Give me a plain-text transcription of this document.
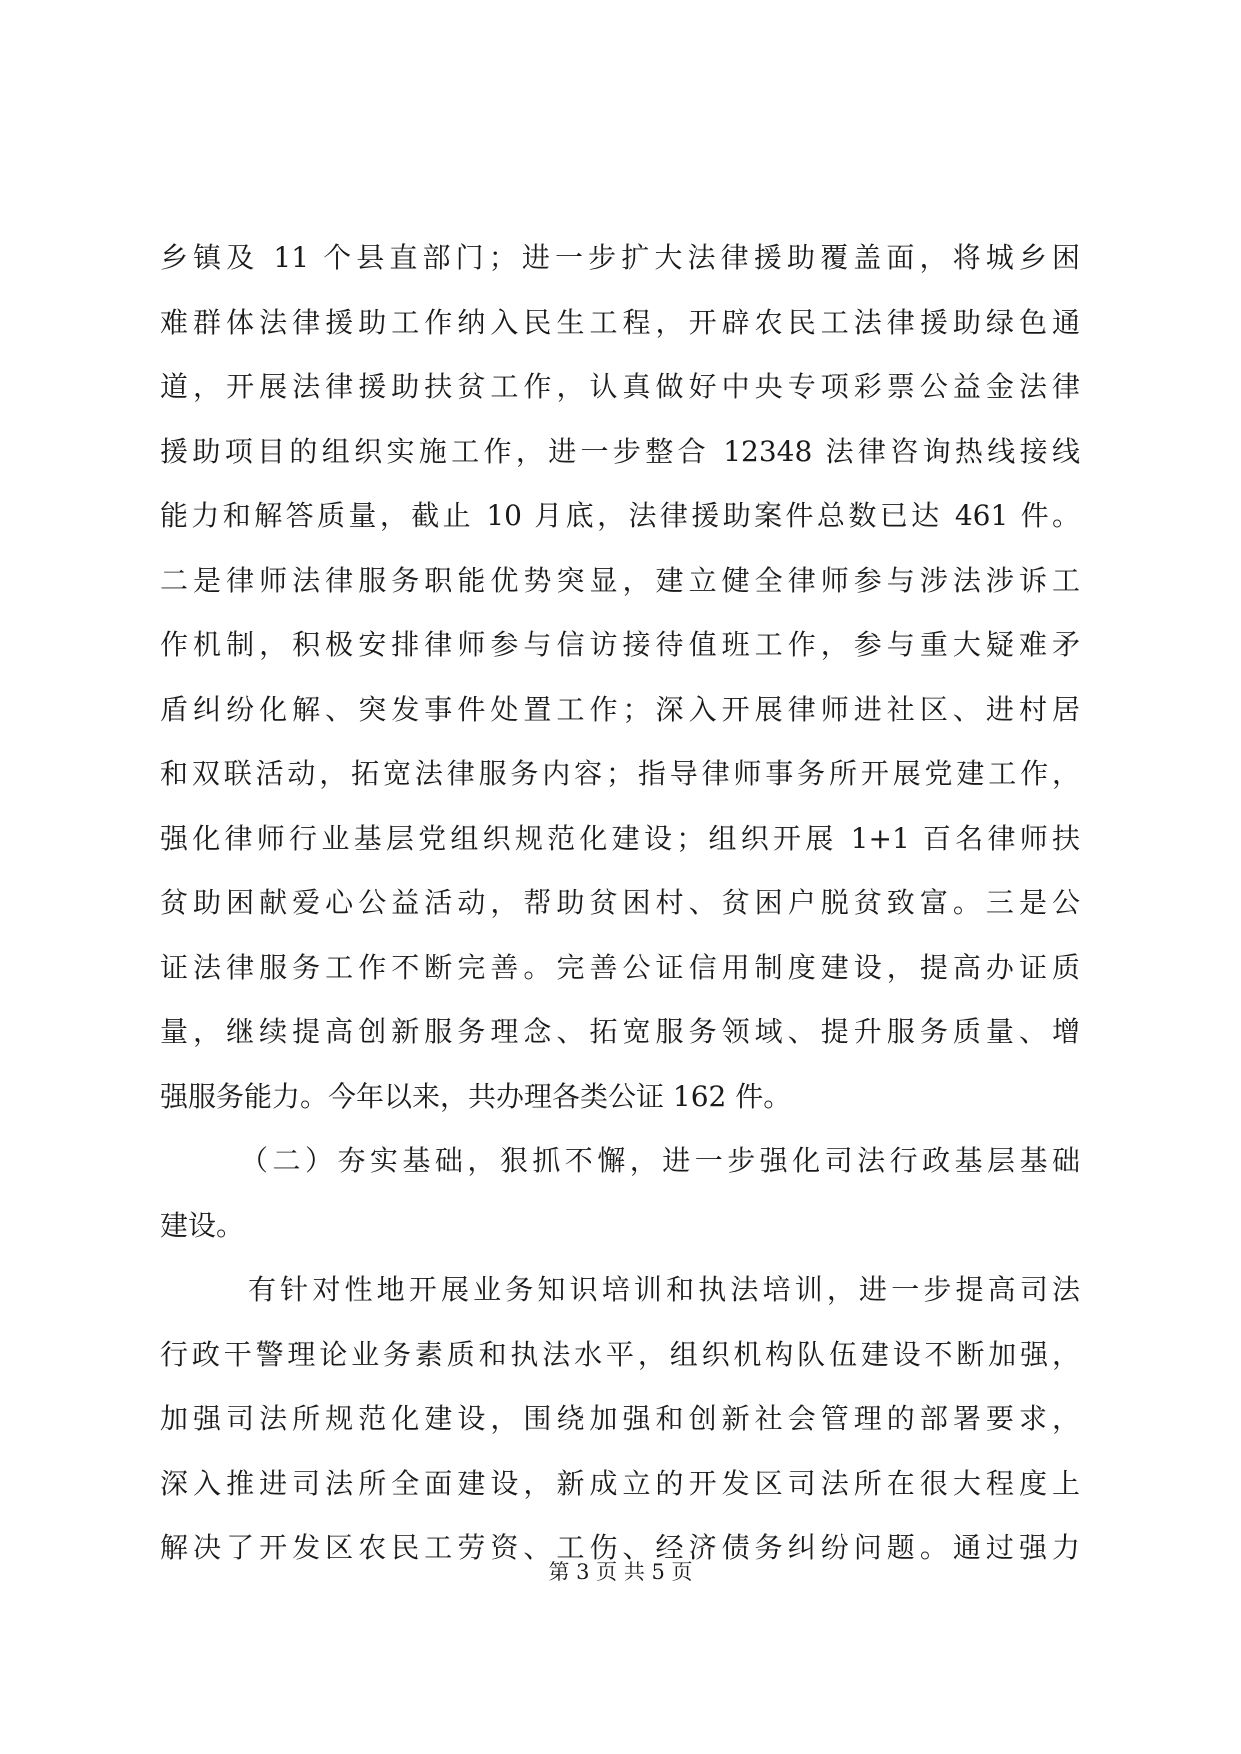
乡镇及 11 个县直部门；进一步扩大法律援助覆盖面，将城乡困
难群体法律援助工作纳入民生工程，开辟农民工法律援助绿色通
道，开展法律援助扶贫工作，认真做好中央专项彩票公益金法律
援助项目的组织实施工作，进一步整合 12348 法律咨询热线接线
能力和解答质量，截止 10 月底，法律援助案件总数已达 461 件。
二是律师法律服务职能优势突显，建立健全律师参与涉法涉诉工
作机制，积极安排律师参与信访接待值班工作，参与重大疑难矛
盾纠纷化解、突发事件处置工作；深入开展律师进社区、进村居
和双联活动，拓宽法律服务内容；指导律师事务所开展党建工作，
强化律师行业基层党组织规范化建设；组织开展 1+1 百名律师扶
贫助困献爱心公益活动，帮助贫困村、贫困户脱贫致富。三是公
证法律服务工作不断完善。完善公证信用制度建设，提高办证质
量，继续提高创新服务理念、拓宽服务领域、提升服务质量、增
强服务能力。今年以来，共办理各类公证 162 件。
（二）夯实基础，狠抓不懈，进一步强化司法行政基层基础
建设。
有针对性地开展业务知识培训和执法培训，进一步提高司法
行政干警理论业务素质和执法水平，组织机构队伍建设不断加强，
加强司法所规范化建设，围绕加强和创新社会管理的部署要求，
深入推进司法所全面建设，新成立的开发区司法所在很大程度上
解决了开发区农民工劳资、工伤、经济债务纠纷问题。通过强力
第 3 页 共 5 页
